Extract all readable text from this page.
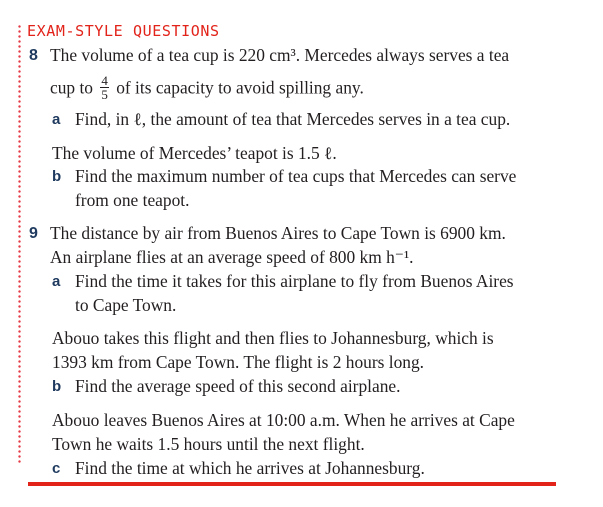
EXAM-STYLE QUESTIONS
8 The volume of a tea cup is 220 cm³. Mercedes always serves a tea
cup to $\frac{4}{5}$ of its capacity to avoid spilling any.
a Find, in ℓ, the amount of tea that Mercedes serves in a tea cup.
The volume of Mercedes’ teapot is 1.5 ℓ.
b Find the maximum number of tea cups that Mercedes can serve
from one teapot.
9 The distance by air from Buenos Aires to Cape Town is 6900 km.
An airplane flies at an average speed of 800 km h⁻¹.
a Find the time it takes for this airplane to fly from Buenos Aires
to Cape Town.
Abouo takes this flight and then flies to Johannesburg, which is
1393 km from Cape Town. The flight is 2 hours long.
b Find the average speed of this second airplane.
Abouo leaves Buenos Aires at 10:00 a.m. When he arrives at Cape
Town he waits 1.5 hours until the next flight.
c Find the time at which he arrives at Johannesburg.
